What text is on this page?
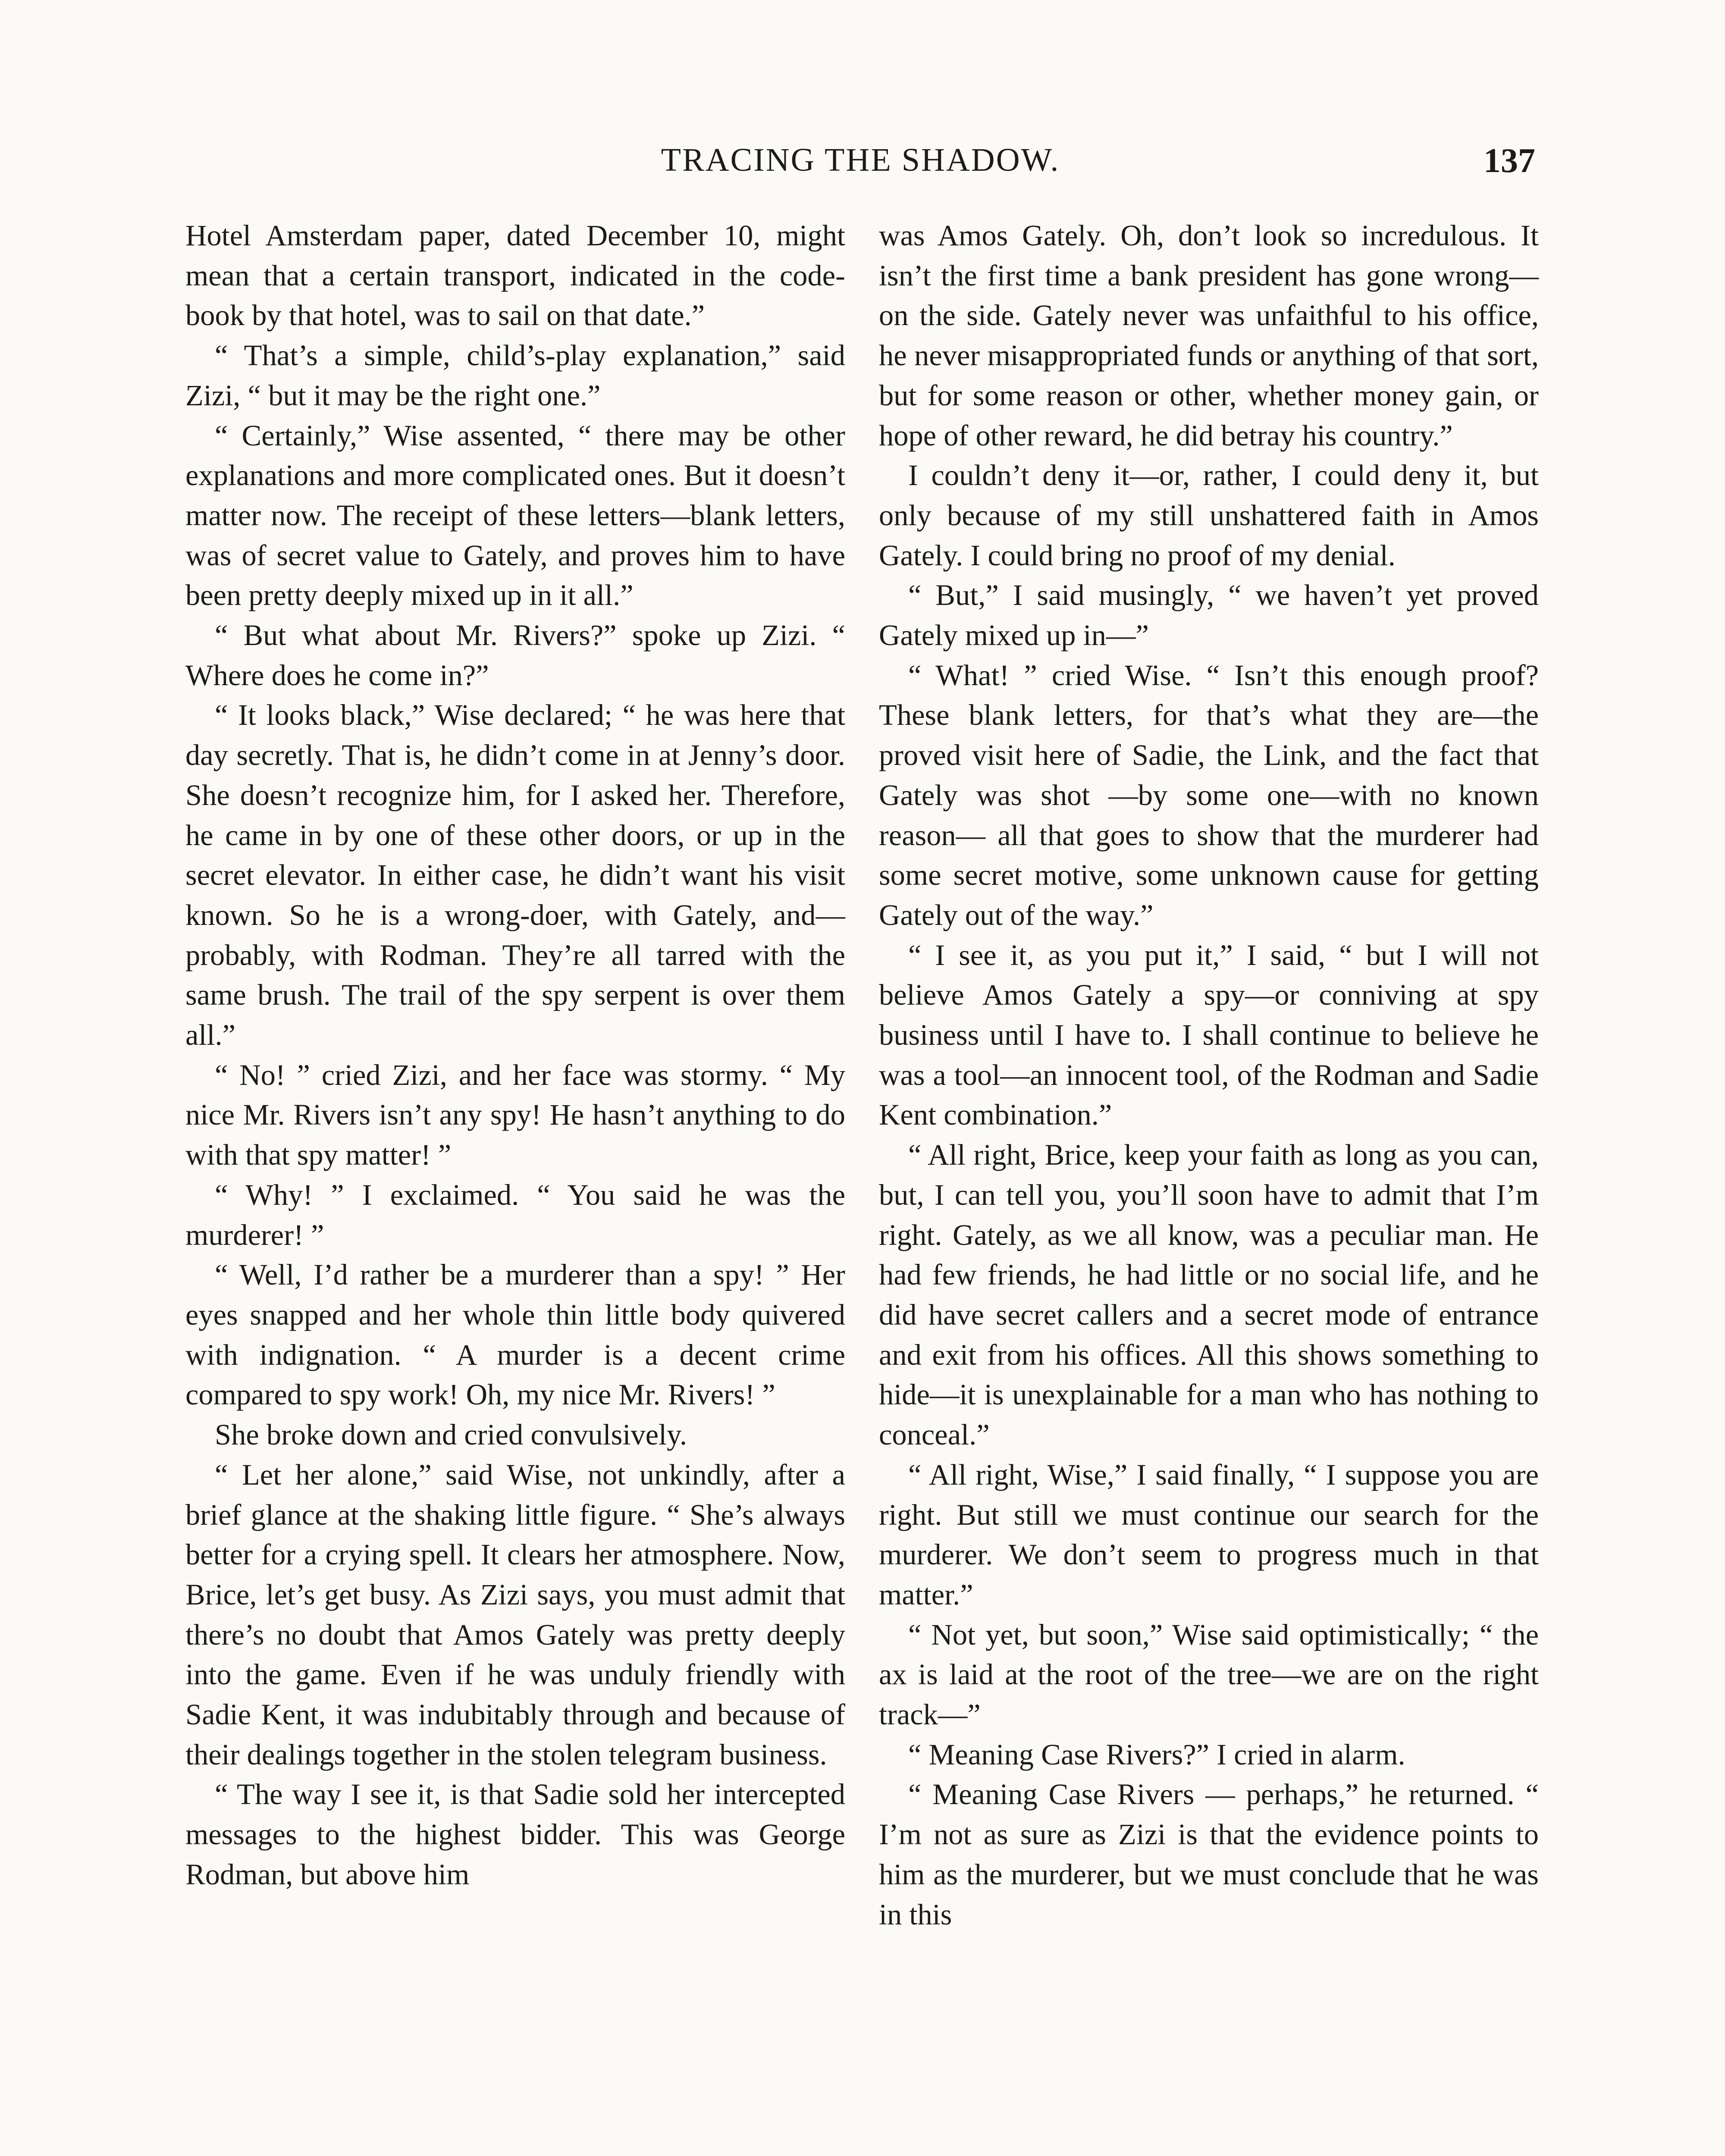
TRACING THE SHADOW.	137

Hotel Amsterdam paper, dated December 10, might mean that a certain transport, indicated in the code-book by that hotel, was to sail on that date.”

“ That’s a simple, child’s-play explanation,” said Zizi, “ but it may be the right one.”

“ Certainly,” Wise assented, “ there may be other explanations and more complicated ones. But it doesn’t matter now. The receipt of these letters—blank letters, was of secret value to Gately, and proves him to have been pretty deeply mixed up in it all.”

“ But what about Mr. Rivers?” spoke up Zizi. “ Where does he come in?”

“ It looks black,” Wise declared; “ he was here that day secretly. That is, he didn’t come in at Jenny’s door. She doesn’t recognize him, for I asked her. Therefore, he came in by one of these other doors, or up in the secret elevator. In either case, he didn’t want his visit known. So he is a wrong-doer, with Gately, and—probably, with Rodman. They’re all tarred with the same brush. The trail of the spy serpent is over them all.”

“ No! ” cried Zizi, and her face was stormy. “ My nice Mr. Rivers isn’t any spy! He hasn’t anything to do with that spy matter! ”

“ Why! ” I exclaimed. “ You said he was the murderer! ”

“ Well, I’d rather be a murderer than a spy! ” Her eyes snapped and her whole thin little body quivered with indignation. “ A murder is a decent crime compared to spy work! Oh, my nice Mr. Rivers! ”

She broke down and cried convulsively.

“ Let her alone,” said Wise, not unkindly, after a brief glance at the shaking little figure. “ She’s always better for a crying spell. It clears her atmosphere. Now, Brice, let’s get busy. As Zizi says, you must admit that there’s no doubt that Amos Gately was pretty deeply into the game. Even if he was unduly friendly with Sadie Kent, it was indubitably through and because of their dealings together in the stolen telegram business.

“ The way I see it, is that Sadie sold her intercepted messages to the highest bidder. This was George Rodman, but above him

was Amos Gately. Oh, don’t look so incredulous. It isn’t the first time a bank president has gone wrong—on the side. Gately never was unfaithful to his office, he never misappropriated funds or anything of that sort, but for some reason or other, whether money gain, or hope of other reward, he did betray his country.”

I couldn’t deny it—or, rather, I could deny it, but only because of my still unshattered faith in Amos Gately. I could bring no proof of my denial.

“ But,” I said musingly, “ we haven’t yet proved Gately mixed up in—”

“ What! ” cried Wise. “ Isn’t this enough proof? These blank letters, for that’s what they are—the proved visit here of Sadie, the Link, and the fact that Gately was shot —by some one—with no known reason— all that goes to show that the murderer had some secret motive, some unknown cause for getting Gately out of the way.”

“ I see it, as you put it,” I said, “ but I will not believe Amos Gately a spy—or conniving at spy business until I have to. I shall continue to believe he was a tool—an innocent tool, of the Rodman and Sadie Kent combination.”

“ All right, Brice, keep your faith as long as you can, but, I can tell you, you’ll soon have to admit that I’m right. Gately, as we all know, was a peculiar man. He had few friends, he had little or no social life, and he did have secret callers and a secret mode of entrance and exit from his offices. All this shows something to hide—it is unexplainable for a man who has nothing to conceal.”

“ All right, Wise,” I said finally, “ I suppose you are right. But still we must continue our search for the murderer. We don’t seem to progress much in that matter.”

“ Not yet, but soon,” Wise said optimistically; “ the ax is laid at the root of the tree—we are on the right track—”

“ Meaning Case Rivers?” I cried in alarm.

“ Meaning Case Rivers — perhaps,” he returned. “ I’m not as sure as Zizi is that the evidence points to him as the murderer, but we must conclude that he was in this
